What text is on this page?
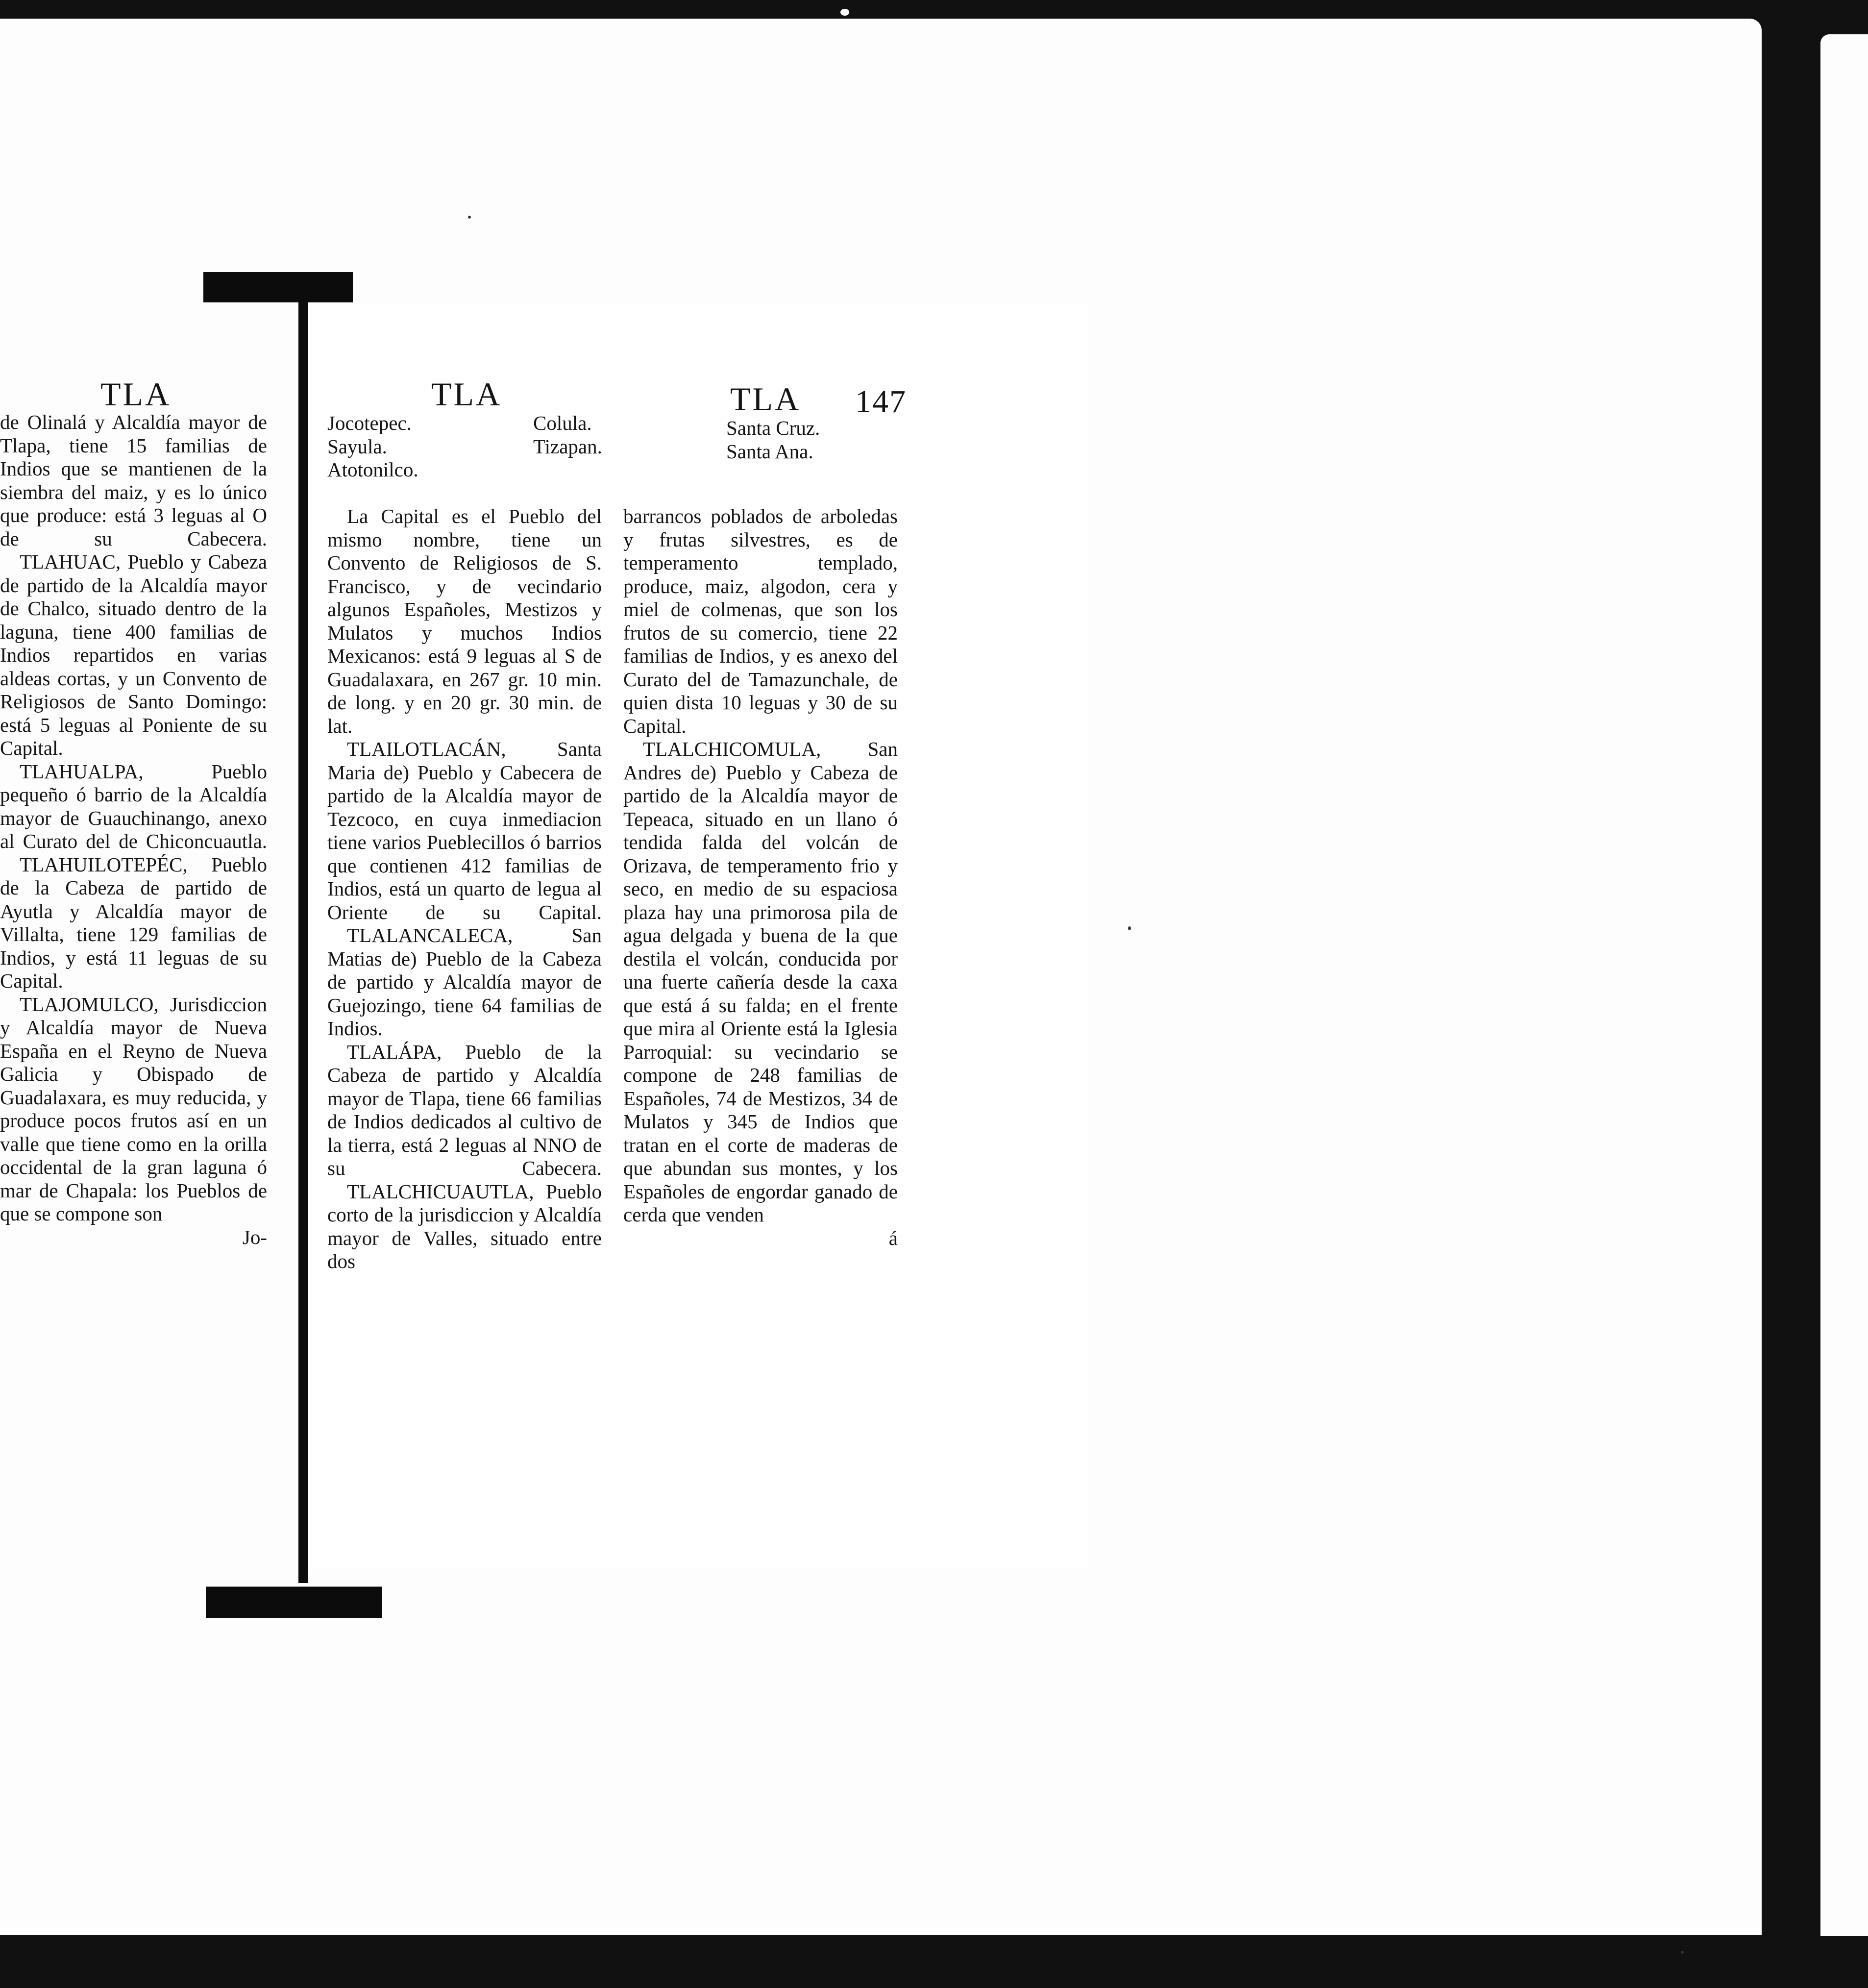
TLA	TLA	TLA 147

de Olinalá y Alcaldía mayor de Tlapa, tiene 15 familias de Indios que se mantienen de la siembra del maiz, y es lo único que produce: está 3 leguas al O de su Cabecera.

TLAHUAC, Pueblo y Cabeza de partido de la Alcaldía mayor de Chalco, situado dentro de la laguna, tiene 400 familias de Indios repartidos en varias aldeas cortas, y un Convento de Religiosos de Santo Domingo: está 5 leguas al Poniente de su Capital.

TLAHUALPA, Pueblo pequeño ó barrio de la Alcaldía mayor de Guauchinango, anexo al Curato del de Chiconcuautla.

TLAHUILOTEPÉC, Pueblo de la Cabeza de partido de Ayutla y Alcaldía mayor de Villalta, tiene 129 familias de Indios, y está 11 leguas de su Capital.

TLAJOMULCO, Jurisdiccion y Alcaldía mayor de Nueva España en el Reyno de Nueva Galicia y Obispado de Guadalaxara, es muy reducida, y produce pocos frutos así en un valle que tiene como en la orilla occidental de la gran laguna ó mar de Chapala: los Pueblos de que se compone son

Jo-

Jocotepec.	Colula.
Sayula.	Tizapan.
Atotonilco.

La Capital es el Pueblo del mismo nombre, tiene un Convento de Religiosos de S. Francisco, y de vecindario algunos Españoles, Mestizos y Mulatos y muchos Indios Mexicanos: está 9 leguas al S de Guadalaxara, en 267 gr. 10 min. de long. y en 20 gr. 30 min. de lat.

TLAILOTLACÁN, Santa Maria de) Pueblo y Cabecera de partido de la Alcaldía mayor de Tezcoco, en cuya inmediacion tiene varios Pueblecillos ó barrios que contienen 412 familias de Indios, está un quarto de legua al Oriente de su Capital.

TLALANCALECA, San Matias de) Pueblo de la Cabeza de partido y Alcaldía mayor de Guejozingo, tiene 64 familias de Indios.

TLALÁPA, Pueblo de la Cabeza de partido y Alcaldía mayor de Tlapa, tiene 66 familias de Indios dedicados al cultivo de la tierra, está 2 leguas al NNO de su Cabecera.

TLALCHICUAUTLA, Pueblo corto de la jurisdiccion y Alcaldía mayor de Valles, situado entre dos

Santa Cruz.
Santa Ana.

barrancos poblados de arboledas y frutas silvestres, es de temperamento templado, produce, maiz, algodon, cera y miel de colmenas, que son los frutos de su comercio, tiene 22 familias de Indios, y es anexo del Curato del de Tamazunchale, de quien dista 10 leguas y 30 de su Capital.

TLALCHICOMULA, San Andres de) Pueblo y Cabeza de partido de la Alcaldía mayor de Tepeaca, situado en un llano ó tendida falda del volcán de Orizava, de temperamento frio y seco, en medio de su espaciosa plaza hay una primorosa pila de agua delgada y buena de la que destila el volcán, conducida por una fuerte cañería desde la caxa que está á su falda; en el frente que mira al Oriente está la Iglesia Parroquial: su vecindario se compone de 248 familias de Españoles, 74 de Mestizos, 34 de Mulatos y 345 de Indios que tratan en el corte de maderas de que abundan sus montes, y los Españoles de engordar ganado de cerda que venden

á
